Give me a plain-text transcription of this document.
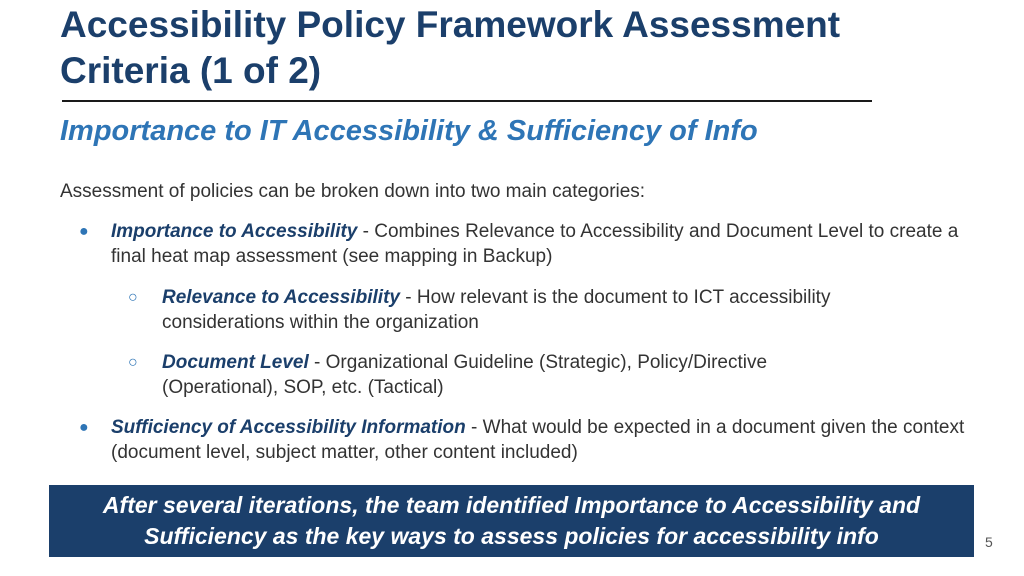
Accessibility Policy Framework Assessment Criteria (1 of 2)
Importance to IT Accessibility & Sufficiency of Info
Assessment of policies can be broken down into two main categories:
● Importance to Accessibility - Combines Relevance to Accessibility and Document Level to create a final heat map assessment (see mapping in Backup)
○ Relevance to Accessibility - How relevant is the document to ICT accessibility considerations within the organization
○ Document Level - Organizational Guideline (Strategic), Policy/Directive (Operational), SOP, etc. (Tactical)
● Sufficiency of Accessibility Information - What would be expected in a document given the context (document level, subject matter, other content included)
After several iterations, the team identified Importance to Accessibility and Sufficiency as the key ways to assess policies for accessibility info	5
